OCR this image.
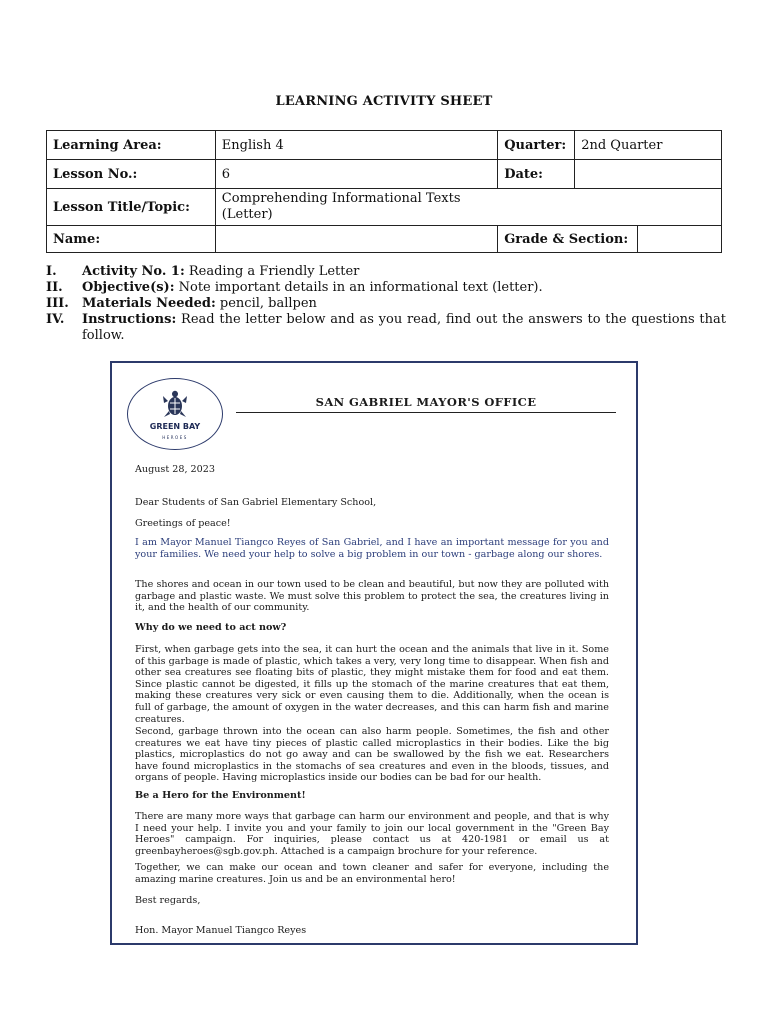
LEARNING ACTIVITY SHEET
Learning Area:	English 4	Quarter:	2nd Quarter	
Lesson No.:	6	Date:		
Lesson Title/Topic:	Comprehending Informational Texts
(Letter)			
Name:		Grade & Section:		
I.	Activity No. 1: Reading a Friendly Letter
II.	Objective(s): Note important details in an informational text (letter).
III.	Materials Needed: pencil, ballpen
IV.	Instructions: Read the letter below and as you read, find out the answers to the questions that follow.
GREEN BAY
HEROES
SAN GABRIEL MAYOR'S OFFICE

August 28, 2023

Dear Students of San Gabriel Elementary School,

Greetings of peace!

I am Mayor Manuel Tiangco Reyes of San Gabriel, and I have an important message for you and your families. We need your help to solve a big problem in our town - garbage along our shores.

The shores and ocean in our town used to be clean and beautiful, but now they are polluted with garbage and plastic waste. We must solve this problem to protect the sea, the creatures living in it, and the health of our community.

Why do we need to act now?

First, when garbage gets into the sea, it can hurt the ocean and the animals that live in it. Some of this garbage is made of plastic, which takes a very, very long time to disappear. When fish and other sea creatures see floating bits of plastic, they might mistake them for food and eat them. Since plastic cannot be digested, it fills up the stomach of the marine creatures that eat them, making these creatures very sick or even causing them to die. Additionally, when the ocean is full of garbage, the amount of oxygen in the water decreases, and this can harm fish and marine creatures.

Second, garbage thrown into the ocean can also harm people. Sometimes, the fish and other creatures we eat have tiny pieces of plastic called microplastics in their bodies. Like the big plastics, microplastics do not go away and can be swallowed by the fish we eat. Researchers have found microplastics in the stomachs of sea creatures and even in the bloods, tissues, and organs of people. Having microplastics inside our bodies can be bad for our health.

Be a Hero for the Environment!

There are many more ways that garbage can harm our environment and people, and that is why I need your help. I invite you and your family to join our local government in the "Green Bay Heroes" campaign. For inquiries, please contact us at 420-1981 or email us at greenbayheroes@sgb.gov.ph. Attached is a campaign brochure for your reference.

Together, we can make our ocean and town cleaner and safer for everyone, including the amazing marine creatures. Join us and be an environmental hero!

Best regards,

Hon. Mayor Manuel Tiangco Reyes
